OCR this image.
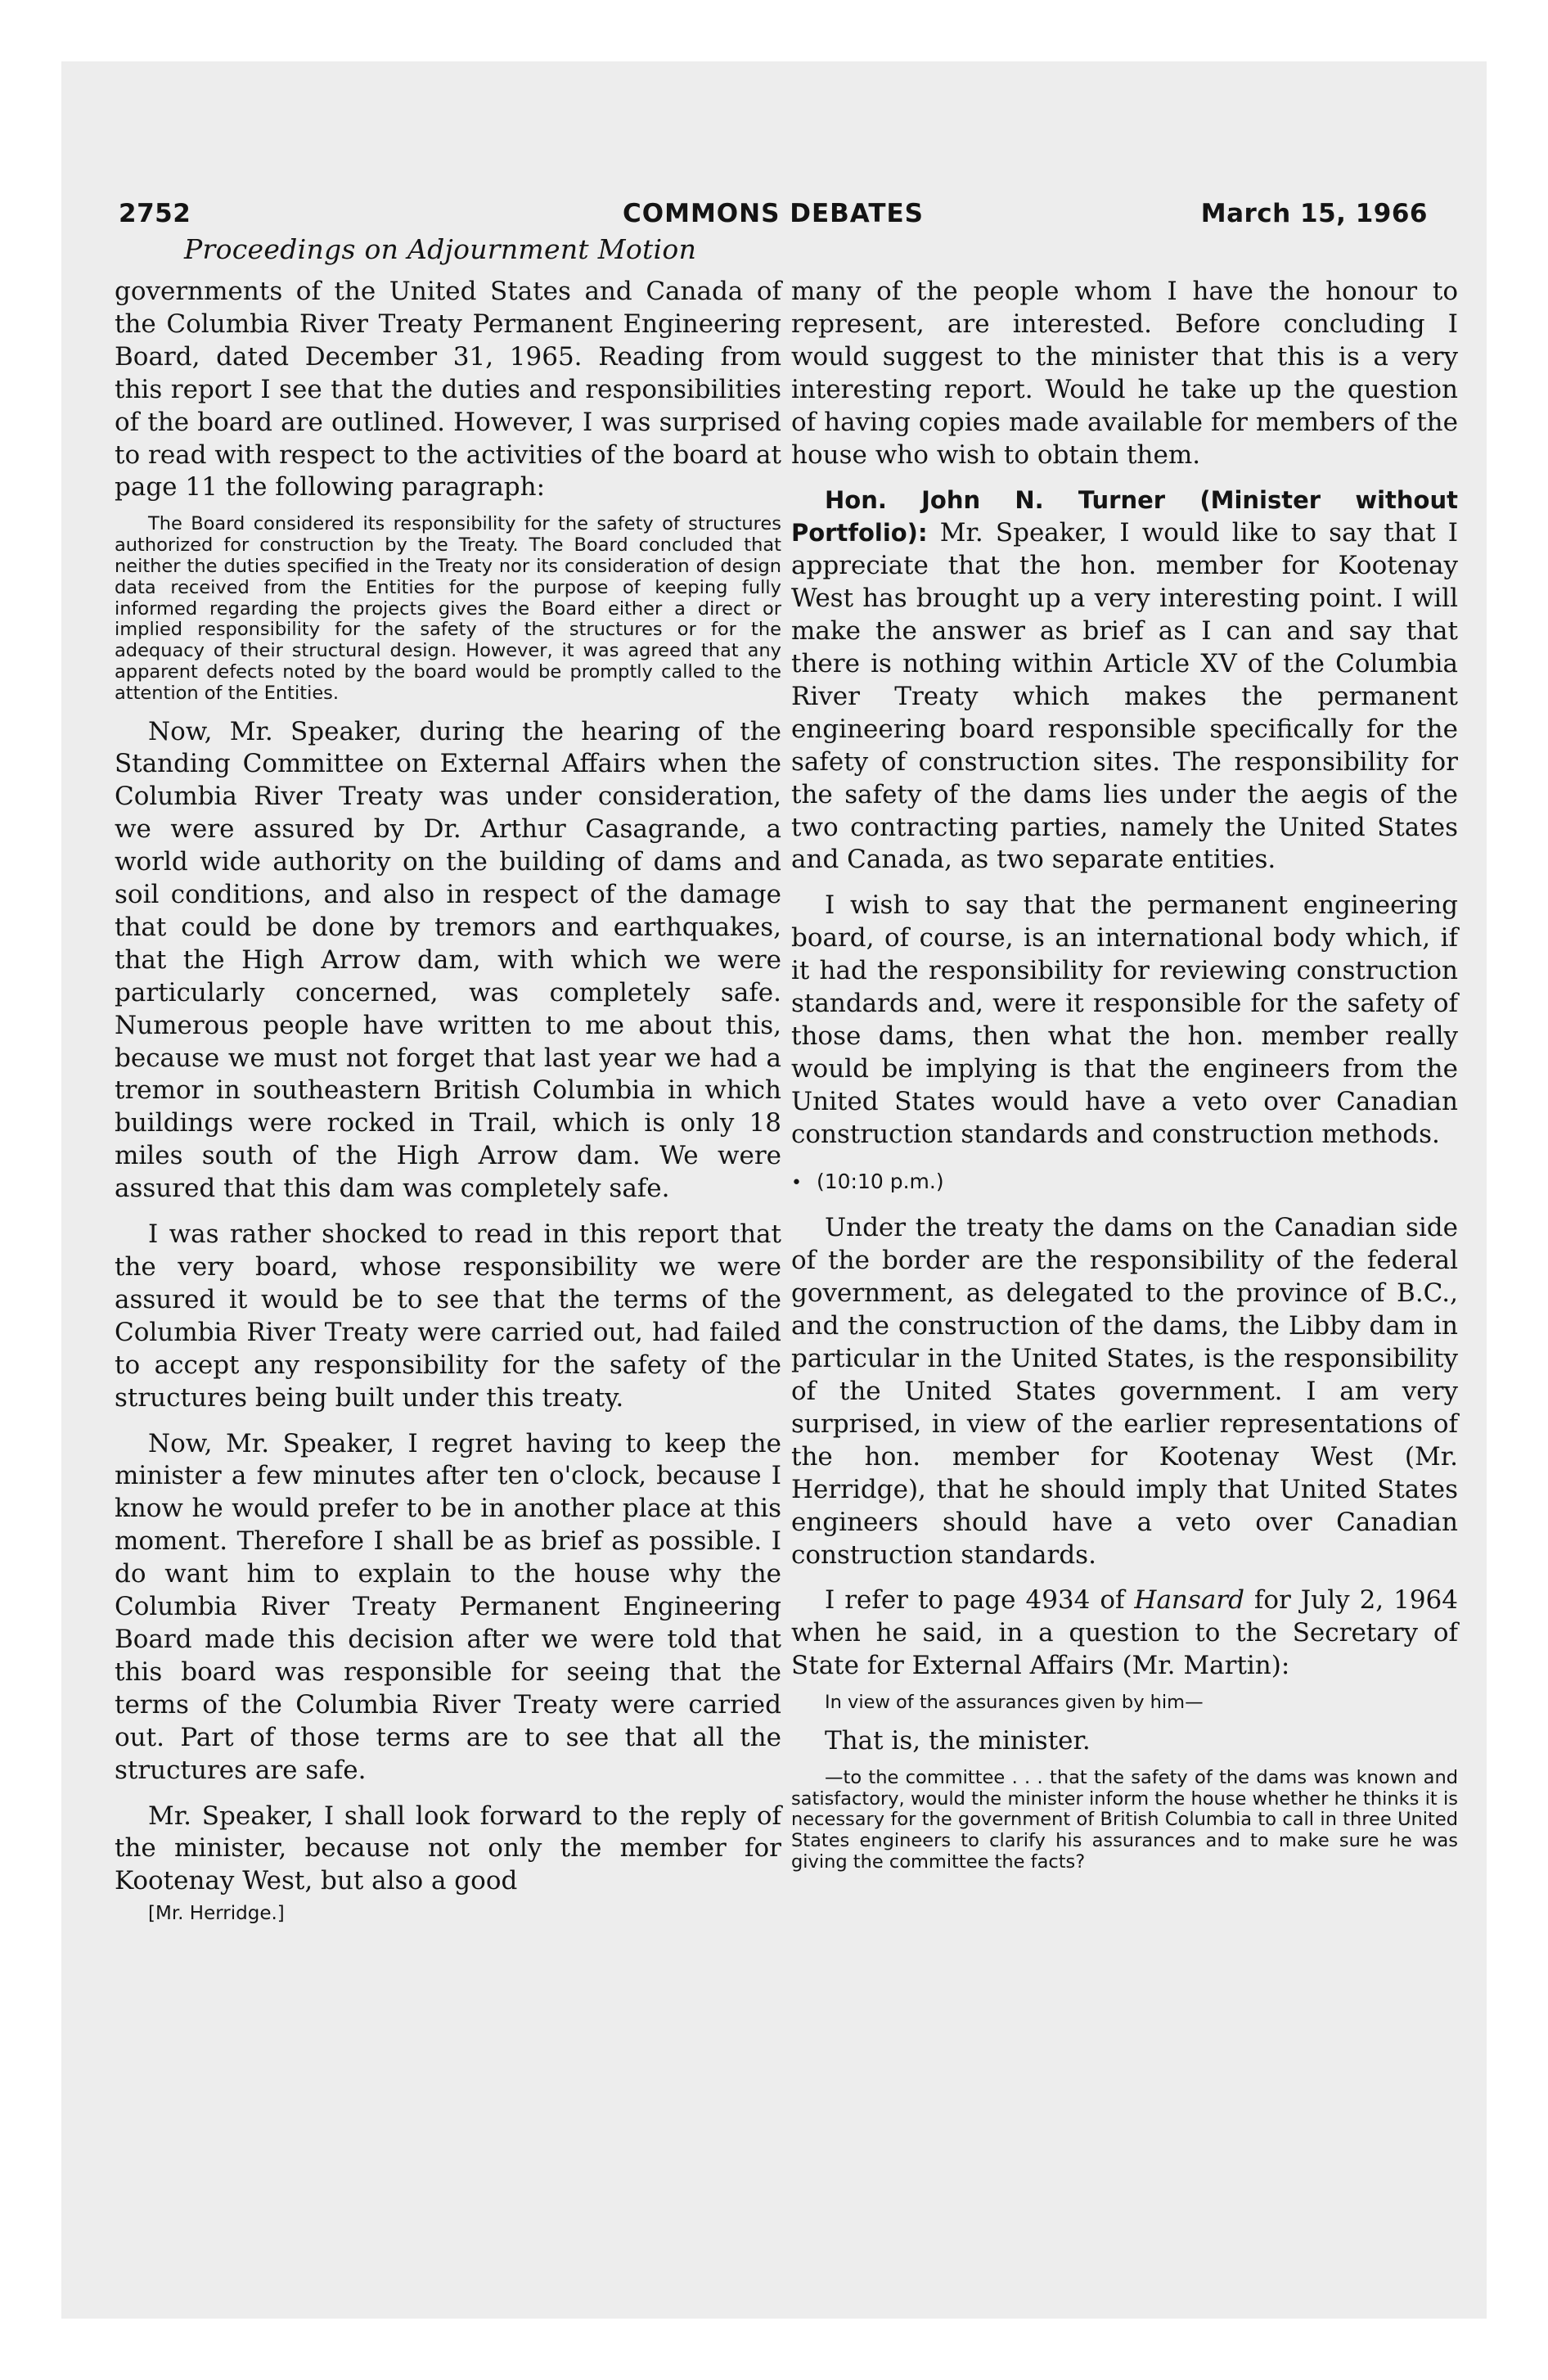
2752	COMMONS DEBATES	March 15, 1966
Proceedings on Adjournment Motion

governments of the United States and Canada of the Columbia River Treaty Permanent Engineering Board, dated December 31, 1965. Reading from this report I see that the duties and responsibilities of the board are outlined. However, I was surprised to read with respect to the activities of the board at page 11 the following paragraph:

The Board considered its responsibility for the safety of structures authorized for construction by the Treaty. The Board concluded that neither the duties specified in the Treaty nor its consideration of design data received from the Entities for the purpose of keeping fully informed regarding the projects gives the Board either a direct or implied responsibility for the safety of the structures or for the adequacy of their structural design. However, it was agreed that any apparent defects noted by the board would be promptly called to the attention of the Entities.

Now, Mr. Speaker, during the hearing of the Standing Committee on External Affairs when the Columbia River Treaty was under consideration, we were assured by Dr. Arthur Casagrande, a world wide authority on the building of dams and soil conditions, and also in respect of the damage that could be done by tremors and earthquakes, that the High Arrow dam, with which we were particularly concerned, was completely safe. Numerous people have written to me about this, because we must not forget that last year we had a tremor in southeastern British Columbia in which buildings were rocked in Trail, which is only 18 miles south of the High Arrow dam. We were assured that this dam was completely safe.

I was rather shocked to read in this report that the very board, whose responsibility we were assured it would be to see that the terms of the Columbia River Treaty were carried out, had failed to accept any responsibility for the safety of the structures being built under this treaty.

Now, Mr. Speaker, I regret having to keep the minister a few minutes after ten o'clock, because I know he would prefer to be in another place at this moment. Therefore I shall be as brief as possible. I do want him to explain to the house why the Columbia River Treaty Permanent Engineering Board made this decision after we were told that this board was responsible for seeing that the terms of the Columbia River Treaty were carried out. Part of those terms are to see that all the structures are safe.

Mr. Speaker, I shall look forward to the reply of the minister, because not only the member for Kootenay West, but also a good

[Mr. Herridge.]

many of the people whom I have the honour to represent, are interested. Before concluding I would suggest to the minister that this is a very interesting report. Would he take up the question of having copies made available for members of the house who wish to obtain them.

Hon. John N. Turner (Minister without Portfolio): Mr. Speaker, I would like to say that I appreciate that the hon. member for Kootenay West has brought up a very interesting point. I will make the answer as brief as I can and say that there is nothing within Article XV of the Columbia River Treaty which makes the permanent engineering board responsible specifically for the safety of construction sites. The responsibility for the safety of the dams lies under the aegis of the two contracting parties, namely the United States and Canada, as two separate entities.

I wish to say that the permanent engineering board, of course, is an international body which, if it had the responsibility for reviewing construction standards and, were it responsible for the safety of those dams, then what the hon. member really would be implying is that the engineers from the United States would have a veto over Canadian construction standards and construction methods.

• (10:10 p.m.)

Under the treaty the dams on the Canadian side of the border are the responsibility of the federal government, as delegated to the province of B.C., and the construction of the dams, the Libby dam in particular in the United States, is the responsibility of the United States government. I am very surprised, in view of the earlier representations of the hon. member for Kootenay West (Mr. Herridge), that he should imply that United States engineers should have a veto over Canadian construction standards.

I refer to page 4934 of Hansard for July 2, 1964 when he said, in a question to the Secretary of State for External Affairs (Mr. Martin):

In view of the assurances given by him—

That is, the minister.

—to the committee . . . that the safety of the dams was known and satisfactory, would the minister inform the house whether he thinks it is necessary for the government of British Columbia to call in three United States engineers to clarify his assurances and to make sure he was giving the committee the facts?
